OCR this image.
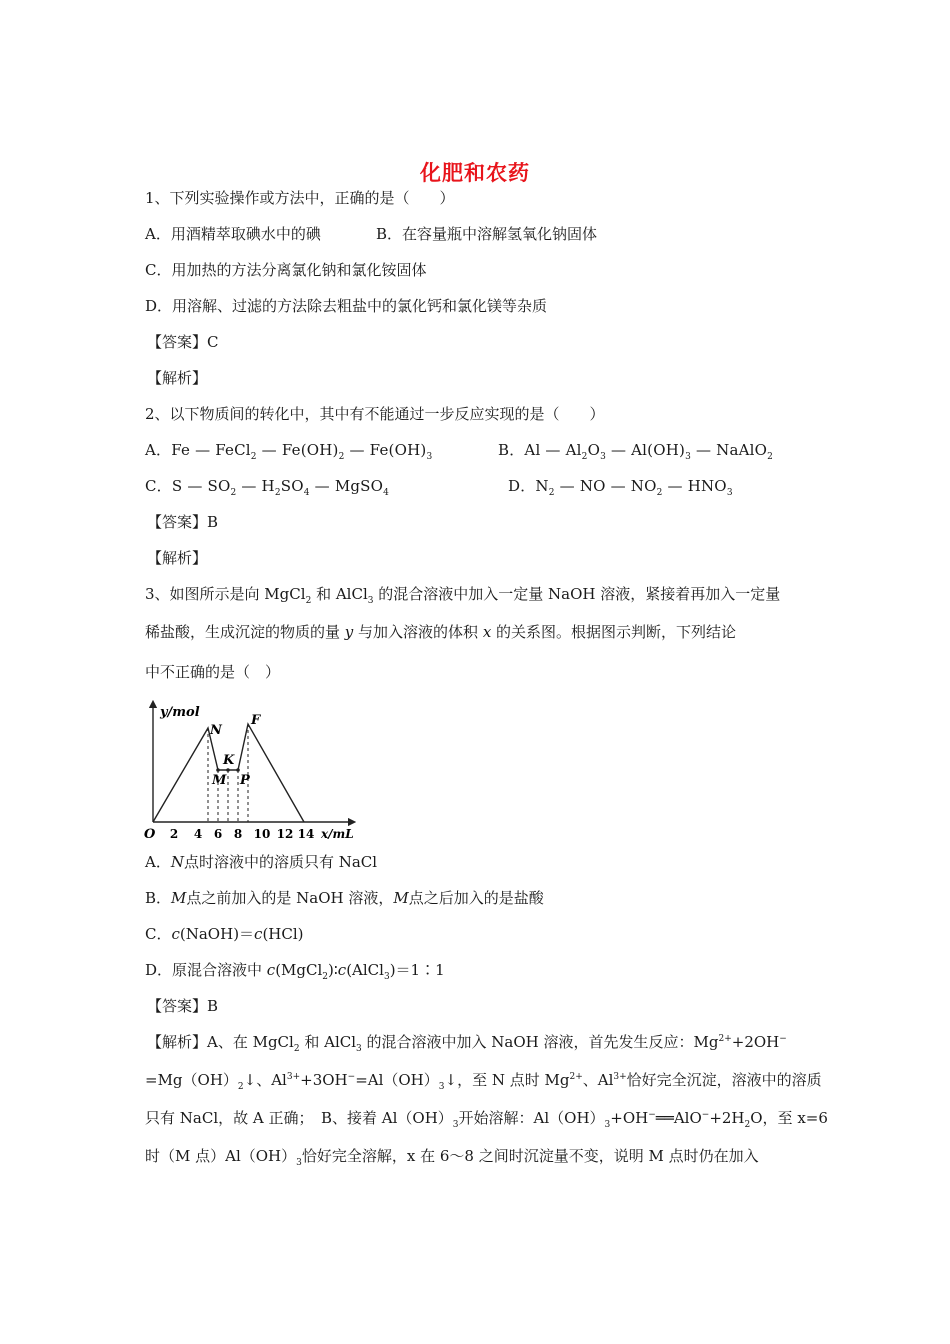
化肥和农药
1、下列实验操作或方法中，正确的是（　　）
A．用酒精萃取碘水中的碘	B．在容量瓶中溶解氢氧化钠固体
C．用加热的方法分离氯化钠和氯化铵固体
D．用溶解、过滤的方法除去粗盐中的氯化钙和氯化镁等杂质
【答案】C
【解析】
2、以下物质间的转化中，其中有不能通过一步反应实现的是（　　）
A．Fe — FeCl$_2$ — $Fe(OH)_2$ — $Fe(OH)_3$	B．Al — $Al_2O_3$ — $Al(OH)_3$ — NaAlO$_2$
C．S — $SO_2$ — $H_2SO_4$ — MgSO$_4$	D．$N_2$ — NO — $NO_2$ — $HNO_3$
【答案】B
【解析】
3、如图所示是向 MgCl$_2$ 和 AlCl$_3$ 的混合溶液中加入一定量 NaOH 溶液，紧接着再加入一定量
稀盐酸，生成沉淀的物质的量 y 与加入溶液的体积 x 的关系图。根据图示判断，下列结论
中不正确的是（　）
y/mol
N
K
M P
F
O 2 4 6 8 10 12 14 x/mL
A．N点时溶液中的溶质只有 NaCl
B．M点之前加入的是 NaOH 溶液，M点之后加入的是盐酸
C．c(NaOH)＝c(HCl)
D．原混合溶液中 c(MgCl$_2$)∶c(AlCl$_3$)＝1∶1
【答案】B
【解析】A、在 MgCl$_2$ 和 AlCl$_3$ 的混合溶液中加入 NaOH 溶液，首先发生反应：$Mg^{2+}+2OH^-$
$=Mg(OH)_2↓$、$Al^{3+}+3OH^-=Al(OH)_3↓$，至 N 点时 $Mg^{2+}$、$Al^{3+}$恰好完全沉淀，溶液中的溶质
只有 NaCl，故 A 正确；　B、接着 $Al(OH)_3$开始溶解：$Al(OH)_3+OH^-══AlO^-+2H_2O$，至 x=6
时（M 点）$Al(OH)_3$恰好完全溶解，x 在 6～8 之间时沉淀量不变，说明 M 点时仍在加入
